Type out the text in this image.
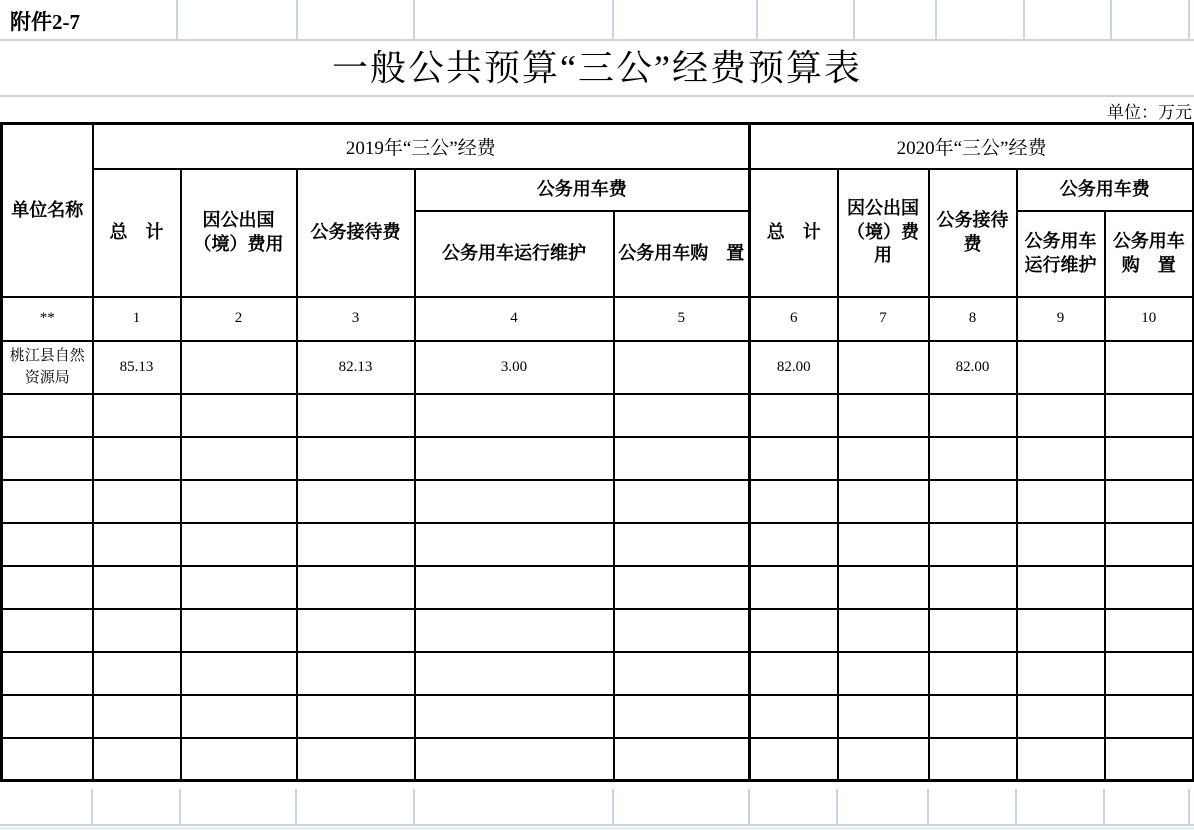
附件2-7
一般公共预算“三公”经费预算表
单位：万元
单位名称	2019年“三公”经费					2020年“三公”经费				
	总　计	因公出国（境）费用	公务接待费	公务用车费		总　计	因公出国（境）费用	公务接待费	公务用车费	
				公务用车运行维护	公务用车购　置				公务用车运行维护	公务用车购　置
**	1	2	3	4	5	6	7	8	9	10
桃江县自然资源局	85.13		82.13	3.00		82.00		82.00		
